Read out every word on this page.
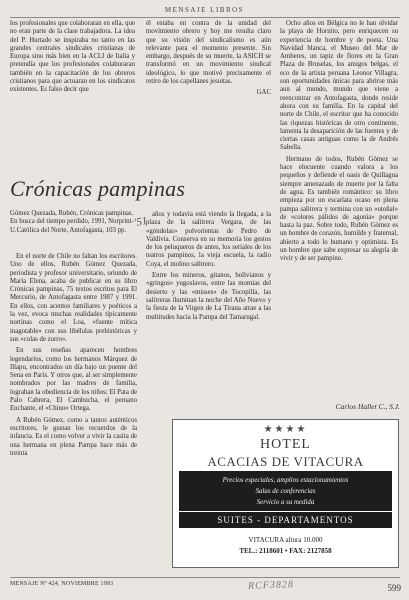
MENSAJE LIBROS

los profesionales que colaboraran en ella, que no eran parte de la clase trabajadora. La idea del P. Hurtado se inspiraba no tanto en las grandes centrales sindicales cristianas de Europa sino más bien en la ACLI de Italia y pretendía que los profesionales colaboraran también en la capacitación de los obreros cristianos para que actuaran en los sindicatos existentes. Es falso decir que

él estaba en contra de la unidad del movimiento obrero y hoy me resulta claro que su visión del sindicalismo es aún relevante para el momento presente. Sin embargo, después de su muerte, la ASICH se transformó en un movimiento sindical ideológico, lo que motivó precisamente el retiro de los capellanes jesuitas.

GAC

Ocho años en Bélgica no le han olvidar la playa de Hornito, pero enriquecen su experiencia de hombre y de poeta. Una Navidad blanca, el Museo del Mar de Amberes, un tapiz de flores en la Gran Plaza de Bruselas, los amigos belgas, el eco de la artista peruana Leonor Villagra, son oportunidades únicas para abrirse más aun al mundo, mundo que viene a reencontrar en Antofagasta, donde reside ahora con su familia. En la capital del norte de Chile, el escritor que ha conocido las riquezas históricas de otro continente, lamenta la desaparición de las fuentes y de ciertas casas antiguas como la de Andrés Sabella.

Hermano de todos, Rubén Gómez se hace elocuente cuando valora a los pequeños y defiende el oasis de Quillagua siempre amenazado de muerte por la falta de agua. Es también romántico: su libro empieza por un escarlata ocaso en plena pampa salitrera y termina con un «otoñal» de «colores pálidos de agonía» porque hasta la paz. Sobre todo, Rubén Gómez es un hombre de corazón, humilde y fraternal, abierto a todo lo humano y optimista. Es un hombre que sabe expresar su alegría de vivir y de ser pampino.

Crónicas pampinas
'51
Gómez Quezada, Rubén, Crónicas pampinas. En busca del tiempo perdido, 1991, Norprint-U.Católica del Norte, Antofagasta, 103 pp.

En el norte de Chile no faltan los escritores. Uno de ellos, Rubén Gómez Quezada, periodista y profesor universitario, oriundo de María Elena, acaba de publicar en su libro Crónicas pampinas, 75 textos escritos para El Mercurio, de Antofagasta entre 1987 y 1991. En ellos, con acentos familiares y poéticos a la vez, evoca muchas realidades típicamente nortinas como el Loa, «fuente mítica inagotable» con sus libélulas prehistóricas y sus «colas de zorro».

En sus reseñas aparecen hombres legendarios, como los hermanos Márquez de Illapu, encontrados un día bajo un puente del Sena en París. Y otros que, al ser simplemente nombrados por las madres de familia, lograban la obediencia de los niños: El Pata de Palo Cabrera, El Cambucha, el peruano Enchante, el «Chino» Ortega.

A Rubén Gómez, como a tantos auténticos escritores, le gustan los recuerdos de la infancia. Es el como volver a vivir la casita de una hermana en plena Pampa hace más de treinta

años y todavía está viendo la llegada, a la plaza de la salitrera Vergara, de las «góndolas» polvorientas de Pedro de Valdivia. Conserva en su memoria los gestos de los peluqueros de antes, los seriales de los teatros pampinos, la vieja escuela, la radio Coya, el molino salitrero.

Entre los mineros, gitanos, bolivianos y «gringos» yugoslavos, entre las momias del desierto y las «misses» de Tocopilla, las salitreras iluminan la noche del Año Nuevo y la fiesta de la Virgen de La Tirana atrae a las multitudes hacia la Pampa del Tamarugal.

Carlos Hallet C., S.J.
★★★★
HOTEL
ACACIAS DE VITACURA
Precios especiales, amplios estacionamientos
Salas de conferencias
Servicio a su medida
SUITES - DEPARTAMENTOS
VITACURA altura 10.000
TEL.: 2118601 • FAX: 2127858
MENSAJE Nº 424, NOVIEMBRE 1993	RCF3828	599
